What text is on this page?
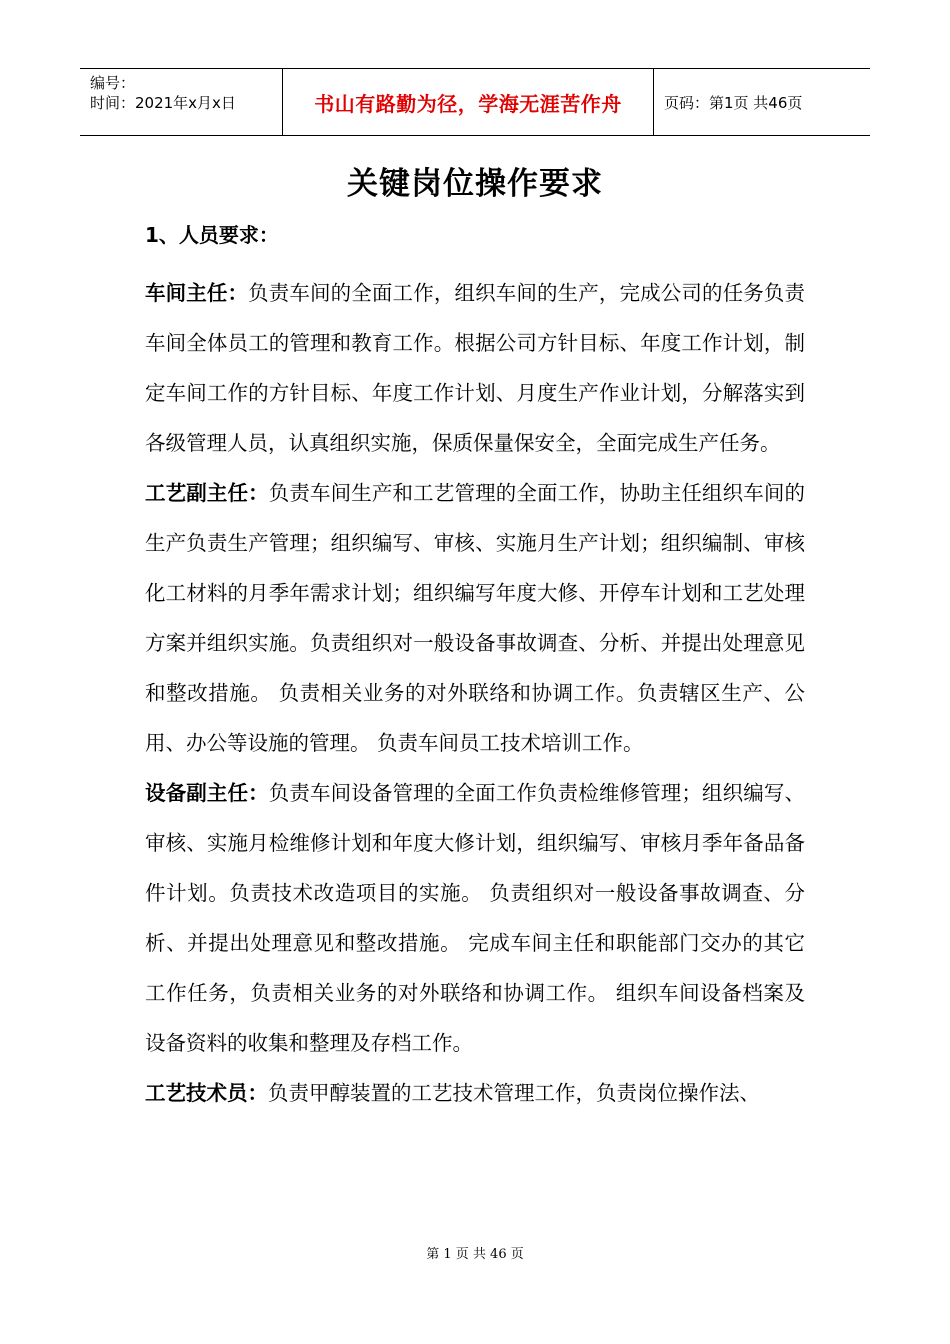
编号：
时间：2021年x月x日	书山有路勤为径，学海无涯苦作舟	页码：第1页 共46页
关键岗位操作要求
1、人员要求：

车间主任：负责车间的全面工作，组织车间的生产，完成公司的任务负责车间全体员工的管理和教育工作。根据公司方针目标、年度工作计划，制定车间工作的方针目标、年度工作计划、月度生产作业计划，分解落实到各级管理人员，认真组织实施，保质保量保安全，全面完成生产任务。

工艺副主任：负责车间生产和工艺管理的全面工作，协助主任组织车间的生产负责生产管理；组织编写、审核、实施月生产计划；组织编制、审核化工材料的月季年需求计划；组织编写年度大修、开停车计划和工艺处理方案并组织实施。负责组织对一般设备事故调查、分析、并提出处理意见和整改措施。 负责相关业务的对外联络和协调工作。负责辖区生产、公用、办公等设施的管理。 负责车间员工技术培训工作。

设备副主任：负责车间设备管理的全面工作负责检维修管理；组织编写、审核、实施月检维修计划和年度大修计划，组织编写、审核月季年备品备件计划。负责技术改造项目的实施。 负责组织对一般设备事故调查、分析、并提出处理意见和整改措施。 完成车间主任和职能部门交办的其它工作任务，负责相关业务的对外联络和协调工作。 组织车间设备档案及设备资料的收集和整理及存档工作。

工艺技术员：负责甲醇装置的工艺技术管理工作，负责岗位操作法、

第 1 页 共 46 页
